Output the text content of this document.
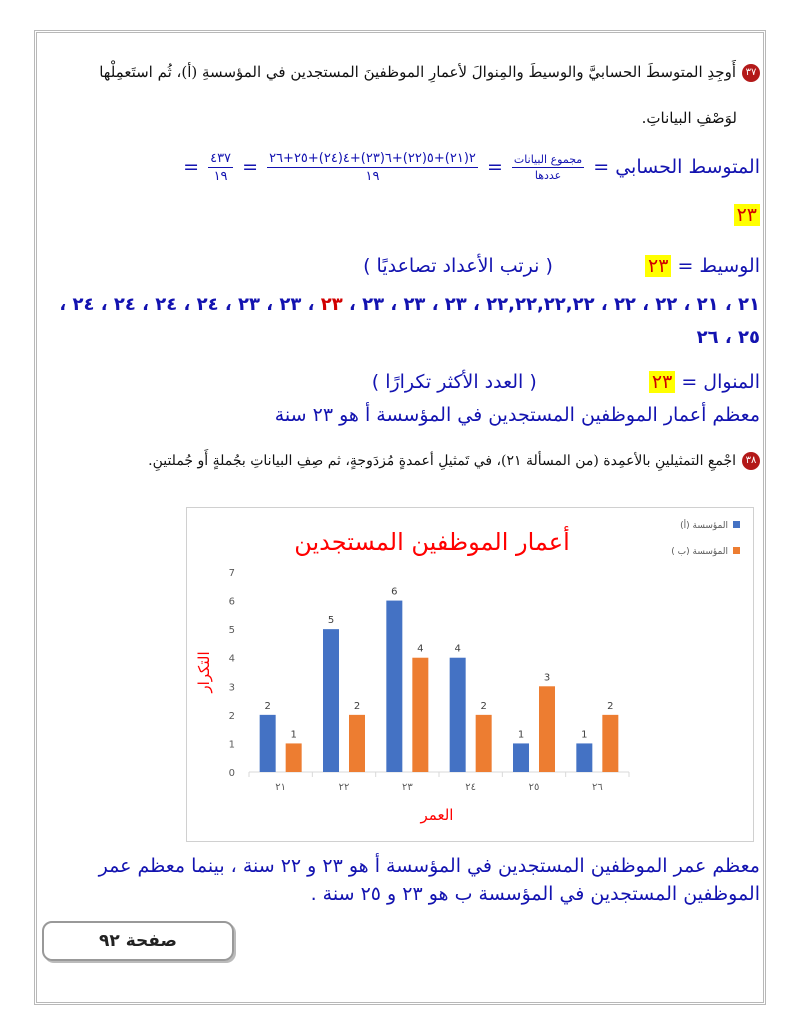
٣٧أَوجِدِ المتوسطَ الحسابيَّ والوسيطَ والمِنوالَ لأعمارِ الموظفينَ المستجدين في المؤسسةِ (أ)، ثُم استَعمِلْها
لوَصْفِ البياناتِ.
المتوسط الحسابي =
$\frac{\text{مجموع البيانات}}{\text{عددها}}$
=
$\frac{٢(٢١)+٥(٢٢)+٦(٢٣)+٤(٢٤)+٢٥+٢٦}{١٩}$
=
$\frac{٤٣٧}{١٩}$
=
٢٣
الوسيط = ٢٣  ( نرتب الأعداد تصاعديًا )
٢١ ، ٢١ ، ٢٢ ، ٢٢ ، ٢٢,٢٢,٢٢,٢٢ ، ٢٣ ، ٢٣ ، ٢٣ ، ٢٣ ، ٢٣ ، ٢٣ ، ٢٤ ، ٢٤ ، ٢٤ ، ٢٤ ،
٢٥ ، ٢٦
المنوال = ٢٣  ( العدد الأكثر تكرارًا )
معظم أعمار الموظفين المستجدين في المؤسسة أ هو ٢٣ سنة
٣٨اجْمعِ التمثيلينِ بالأعمِدة (من المسألة ٢١)، في تَمثيلِ أعمدةٍ مُزدَوجةٍ، ثم صِفِ البياناتِ بجُملةٍ أَو جُملتينِ.
أعمار الموظفين المستجدين
التكرار
العمر
0
1
2
3
4
5
6
7
٢١
2
1
٢٢
5
2
٢٣
6
4
٢٤
4
2
٢٥
1
3
٢٦
1
2
المؤسسة (أ)
المؤسسة (ب )
معظم عمر الموظفين المستجدين في المؤسسة أ هو ٢٣ و ٢٢ سنة ، بينما معظم عمر
الموظفين المستجدين في المؤسسة ب هو ٢٣ و ٢٥ سنة .
صفحة ٩٢
